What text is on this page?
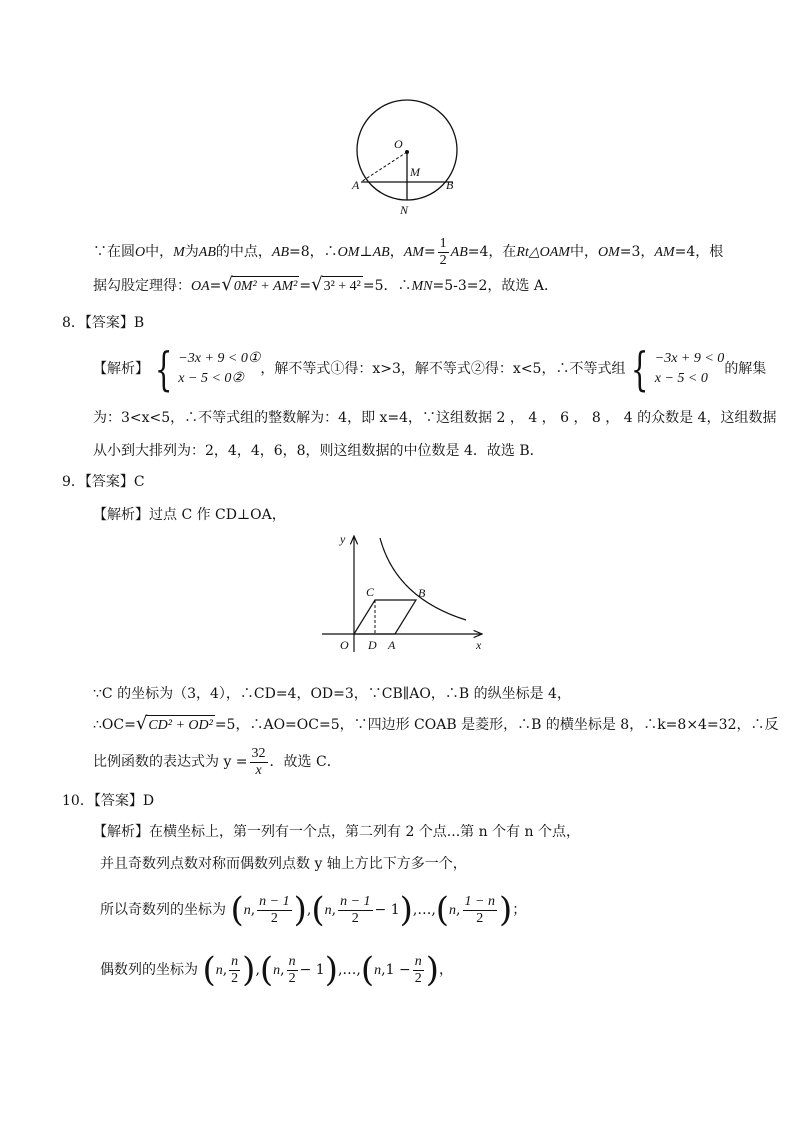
O
M
A	B
N
∵在圆O中，M为AB的中点，AB=8，∴OM⊥AB，$AM= \frac{1}{2} AB=4$，在Rt△OAM中，OM=3，AM=4，根
据勾股定理得：OA=√0M² + AM² =√3² + 4² =5．∴MN=5-3=2，故选 A．
8．【答案】B
【解析】 { −3x + 9 < 0①
x − 5 < 0②
，解不等式①得：x>3，解不等式②得：x<5，∴不等式组 { −3x + 9 < 0
x − 5 < 0
的解集
为：3<x<5，∴不等式组的整数解为：4，即 x=4，∵这组数据 2 ， 4 ， 6 ， 8 ， 4 的众数是 4，这组数据
从小到大排列为：2，4，4，6，8，则这组数据的中位数是 4．故选 B．
9．【答案】C
【解析】过点 C 作 CD⊥OA，
y
x
O D A
C	B
∵C 的坐标为（3，4），∴CD=4，OD=3，∵CB∥AO，∴B 的纵坐标是 4，
∴OC=√CD² + OD² =5，∴AO=OC=5，∵四边形 COAB 是菱形，∴B 的横坐标是 8，∴k=8×4=32，∴反
比例函数的表达式为 $y = \frac{32}{x}$ ．故选 C．
10．【答案】D
【解析】在横坐标上，第一列有一个点，第二列有 2 个点...第 n 个有 n 个点，
并且奇数列点数对称而偶数列点数 y 轴上方比下方多一个，
所以奇数列的坐标为 (n, $\frac{n - 1}{2} ),(n$, $\frac{n - 1}{2}$ − 1),…,(n, $\frac{1 - n}{2}$ )；
偶数列的坐标为 (n, $\frac{n}{2} ),(n$, $\frac{n}{2}$ − 1),…,(n,1 − $\frac{n}{2}$ )，
